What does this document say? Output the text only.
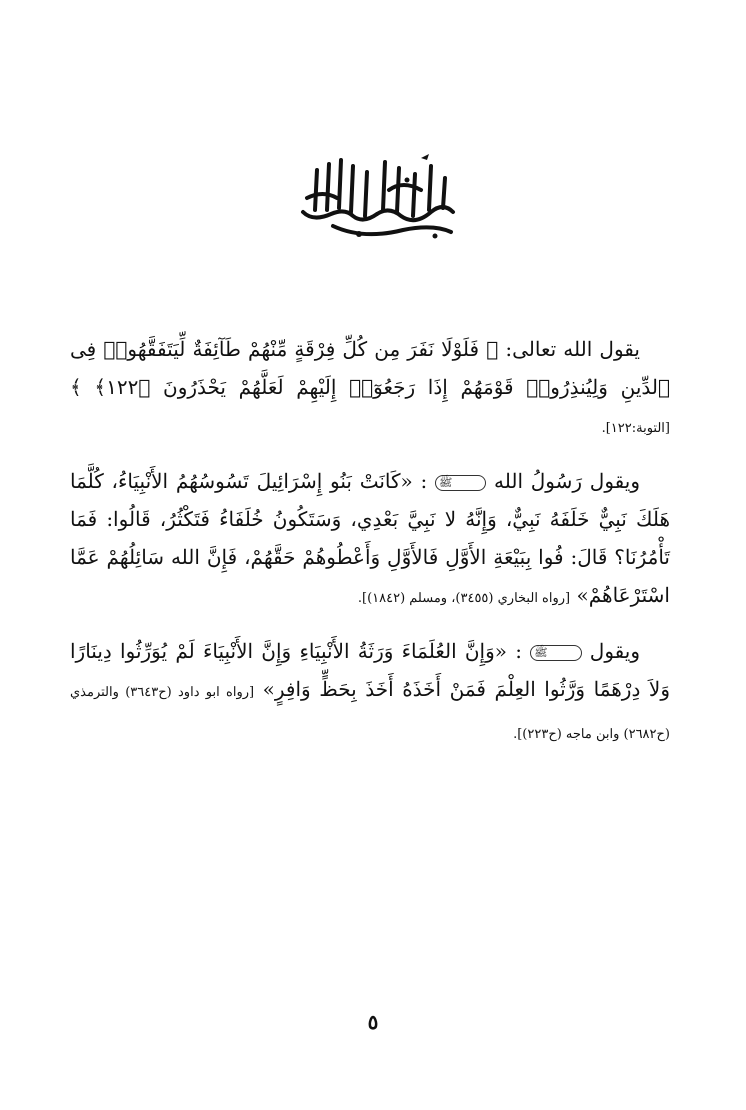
يقول الله تعالى: ﴿ فَلَوْلَا نَفَرَ مِن كُلِّ فِرْقَةٍ مِّنْهُمْ طَآئِفَةٌ لِّيَتَفَقَّهُوا۟ فِى ٱلدِّينِ وَلِيُنذِرُوا۟ قَوْمَهُمْ إِذَا رَجَعُوٓا۟ إِلَيْهِمْ لَعَلَّهُمْ يَحْذَرُونَ ﴿١٢٢﴾ ﴾ [التوبة:١٢٢].

ويقول رَسُولُ الله ﷺ : «كَانَتْ بَنُو إِسْرَائِيلَ تَسُوسُهُمُ الأَنْبِيَاءُ، كُلَّمَا هَلَكَ نَبِيٌّ خَلَفَهُ نَبِيٌّ، وَإِنَّهُ لا نَبِيَّ بَعْدِي، وَسَتَكُونُ خُلَفَاءُ فَتَكْثُرُ، قَالُوا: فَمَا تَأْمُرُنَا؟ قَالَ: فُوا بِبَيْعَةِ الأَوَّلِ فَالأَوَّلِ وَأَعْطُوهُمْ حَقَّهُمْ، فَإِنَّ الله سَائِلُهُمْ عَمَّا اسْتَرْعَاهُمْ» [رواه البخاري (٣٤٥٥)، ومسلم (١٨٤٢)].

ويقول ﷺ : «وَإِنَّ العُلَمَاءَ وَرَثَةُ الأَنْبِيَاءِ وَإِنَّ الأَنْبِيَاءَ لَمْ يُوَرِّثُوا دِينَارًا وَلاَ دِرْهَمًا وَرَّثُوا العِلْمَ فَمَنْ أَخَذَهُ أَخَذَ بِحَظٍّ وَافِرٍ» [رواه ابو داود (ح٣٦٤٣) والترمذي (ح٢٦٨٢) وابن ماجه (ح٢٢٣)].

٥
